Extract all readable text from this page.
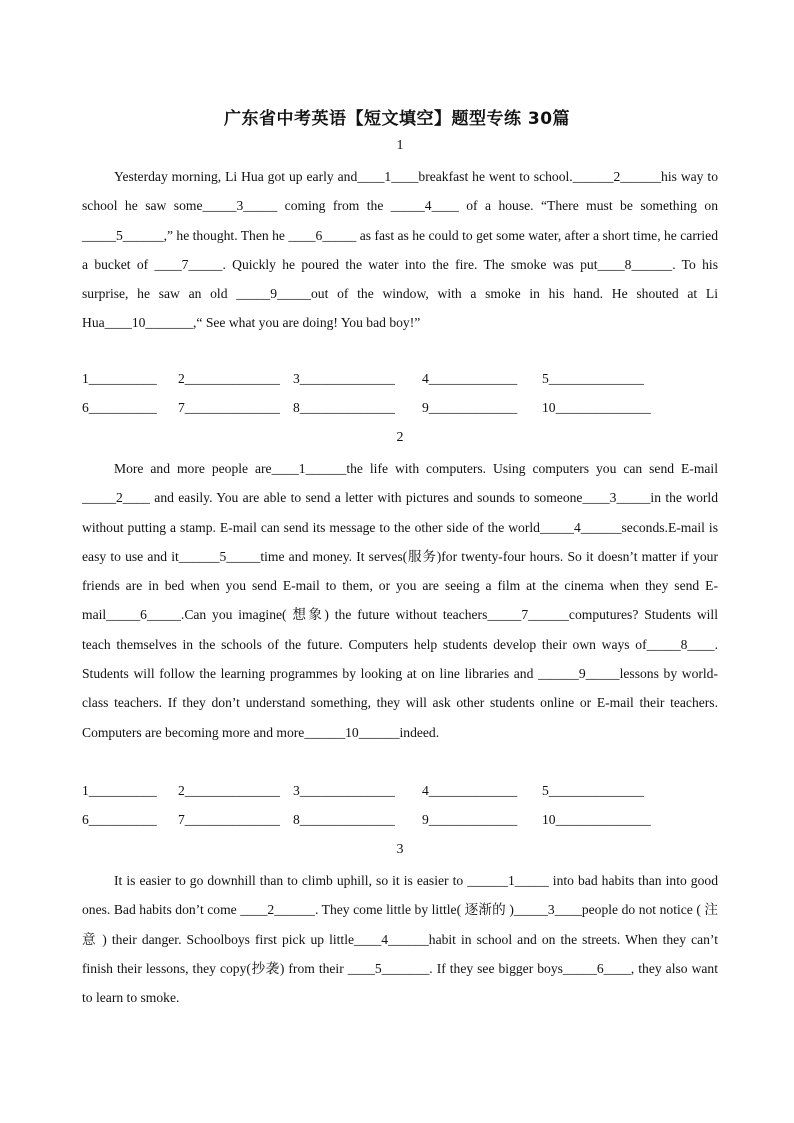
广东省中考英语【短文填空】题型专练 30篇
1

Yesterday morning, Li Hua got up early and____1____breakfast he went to school.______2______his way to school he saw some_____3_____ coming from the _____4____ of a house. “There must be something on _____5______,” he thought. Then he ____6_____ as fast as he could to get some water, after a short time, he carried a bucket of ____7_____. Quickly he poured the water into the fire. The smoke was put____8______. To his surprise, he saw an old _____9_____out of the window, with a smoke in his hand. He shouted at Li Hua____10_______,“ See what you are doing! You bad boy!”

1__________ 2______________ 3______________ 4_____________ 5______________
6__________ 7______________ 8______________ 9_____________ 10______________
2

More and more people are____1______the life with computers. Using computers you can send E-mail _____2____ and easily. You are able to send a letter with pictures and sounds to someone____3_____in the world without putting a stamp. E-mail can send its message to the other side of the world_____4______seconds.E-mail is easy to use and it______5_____time and money. It serves(服务)for twenty-four hours. So it doesn’t matter if your friends are in bed when you send E-mail to them, or you are seeing a film at the cinema when they send E-mail_____6_____.Can you imagine( 想象) the future without teachers_____7______computures? Students will teach themselves in the schools of the future. Computers help students develop their own ways of_____8____. Students will follow the learning programmes by looking at on line libraries and ______9_____lessons by world-class teachers. If they don’t understand something, they will ask other students online or E-mail their teachers. Computers are becoming more and more______10______indeed.

1__________ 2______________ 3______________ 4_____________ 5______________
6__________ 7______________ 8______________ 9_____________ 10______________
3

It is easier to go downhill than to climb uphill, so it is easier to ______1_____ into bad habits than into good ones. Bad habits don’t come ____2______. They come little by little( 逐渐的 )_____3____people do not notice ( 注 意 ) their danger. Schoolboys first pick up little____4______habit in school and on the streets. When they can’t finish their lessons, they copy(抄袭) from their ____5_______. If they see bigger boys_____6____, they also want to learn to smoke.
